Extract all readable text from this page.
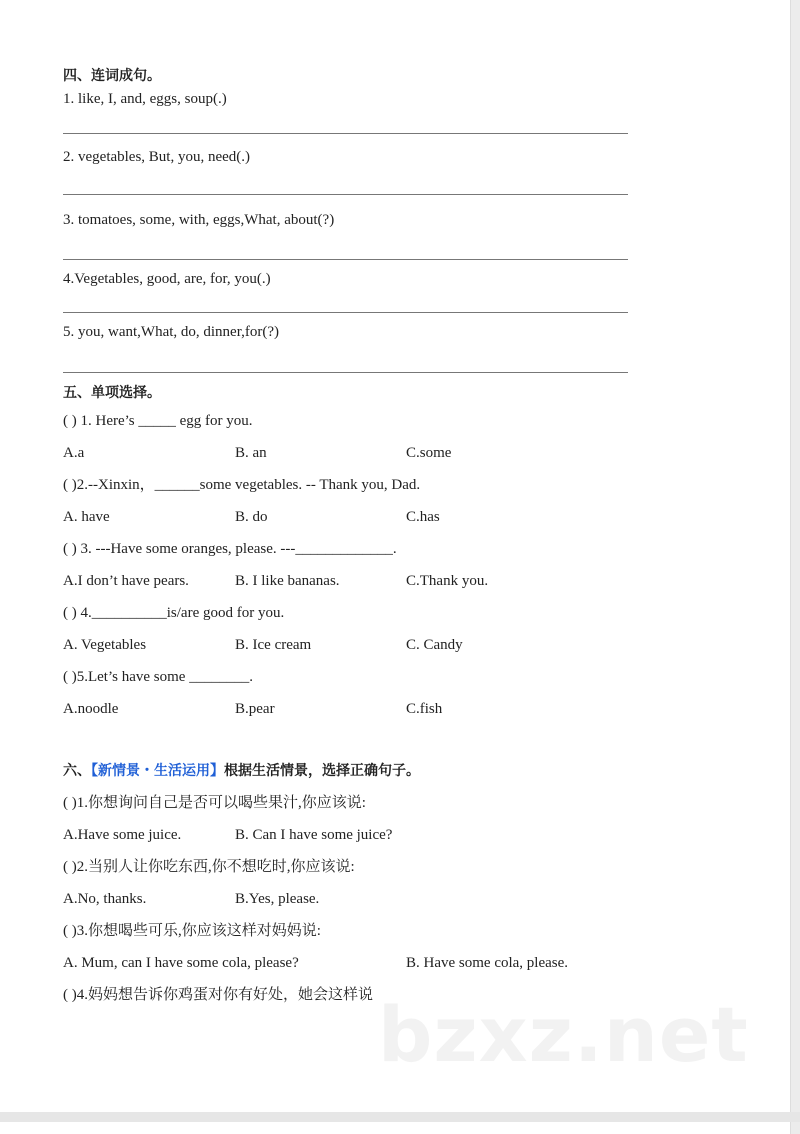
bzxz.net
四、连词成句。
1. like, I, and, eggs, soup(.)
2. vegetables, But, you, need(.)
3. tomatoes, some, with, eggs,What, about(?)
4.Vegetables, good, are, for, you(.)
5. you, want,What, do, dinner,for(?)
五、单项选择。
六、【新情景・生活运用】根据生活情景，选择正确句子。
( ) 1. Here’s _____ egg for you.
A.a	B. an	C.some
( )2.--Xinxin，______some vegetables. -- Thank you, Dad.
A. have	B. do	C.has
( ) 3. ---Have some oranges, please. ---_____________.
A.I don’t have pears.	B. I like bananas.	C.Thank you.
( ) 4.__________is/are good for you.
A. Vegetables	B. Ice cream	C. Candy
( )5.Let’s have some ________.
A.noodle	B.pear	C.fish
( )1.你想询问自己是否可以喝些果汁,你应该说:
A.Have some juice.	B. Can I have some juice?
( )2.当别人让你吃东西,你不想吃时,你应该说:
A.No, thanks.	B.Yes, please.
( )3.你想喝些可乐,你应该这样对妈妈说:
A. Mum, can I have some cola, please?	B. Have some cola, please.
( )4.妈妈想告诉你鸡蛋对你有好处，她会这样说
